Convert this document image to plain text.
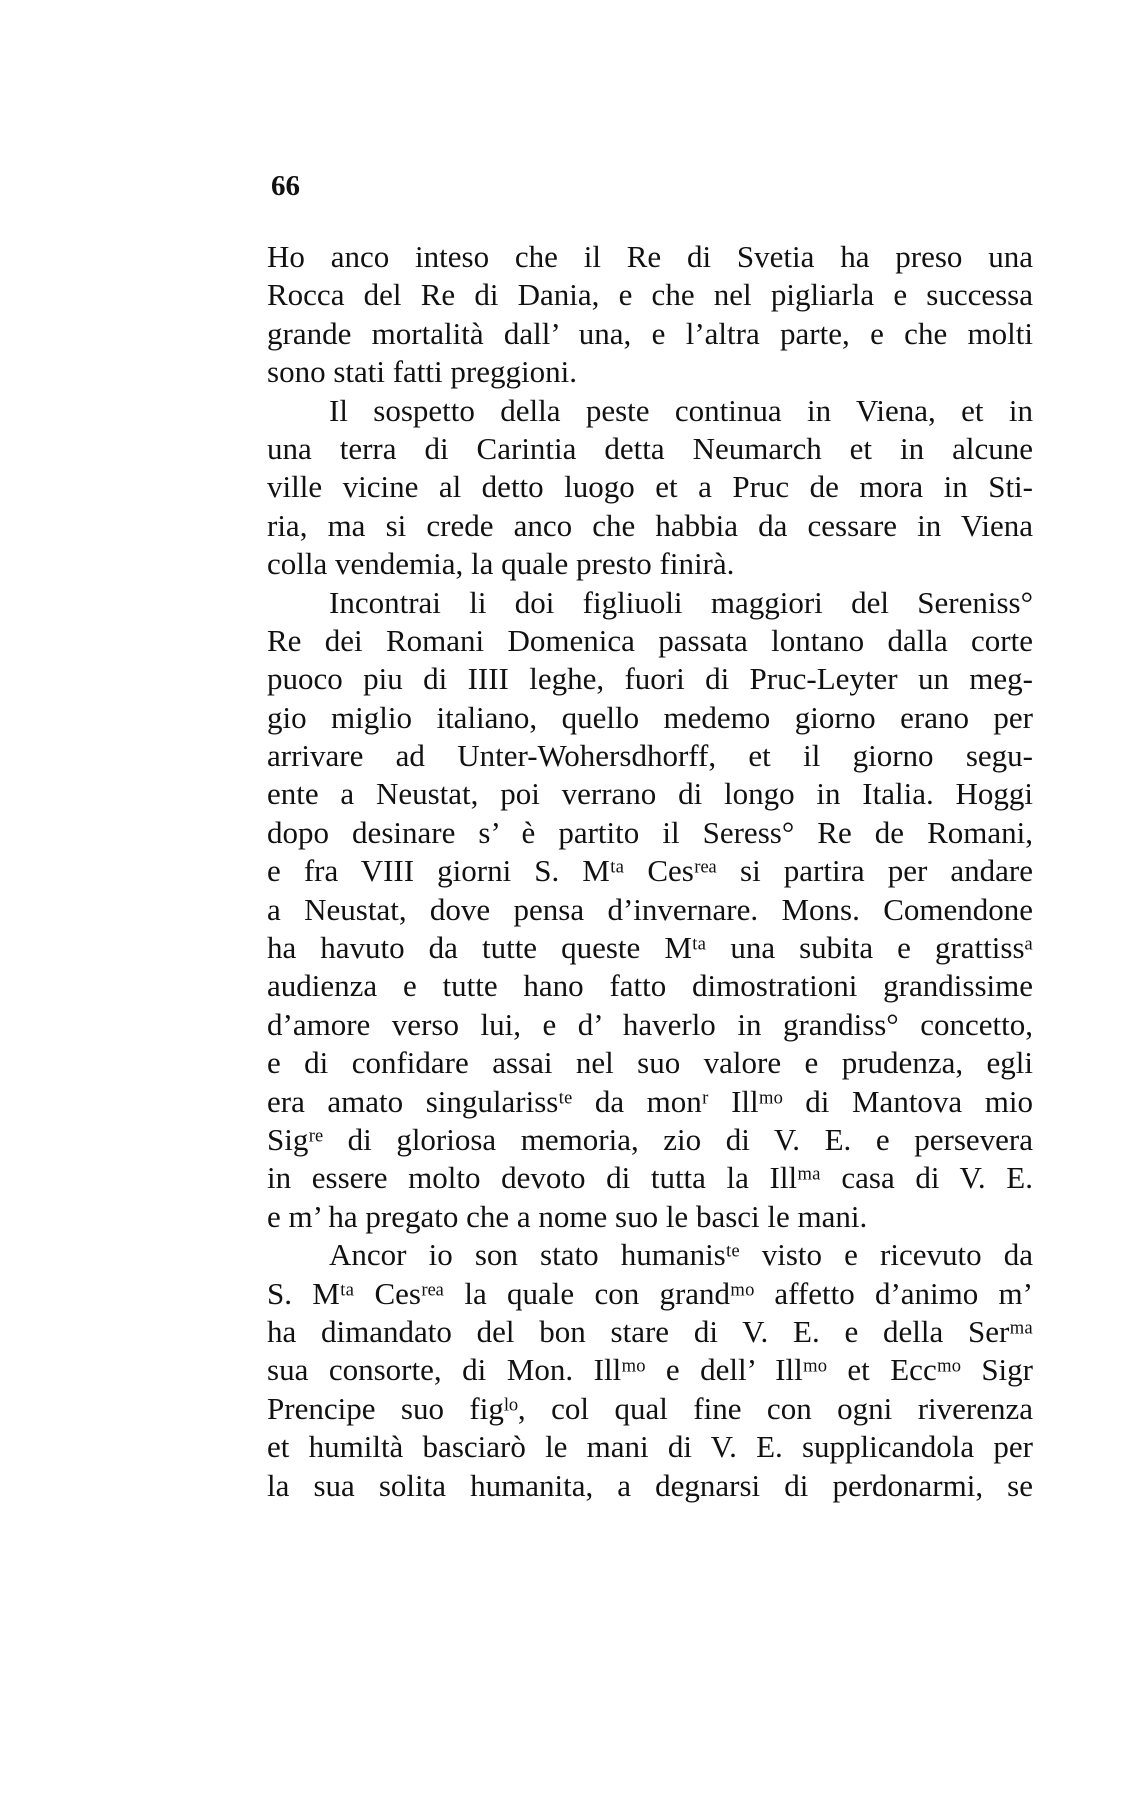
66
Ho anco inteso che il Re di Svetia ha preso una
Rocca del Re di Dania, e che nel pigliarla e successa
grande mortalità dall’ una, e l’altra parte, e che molti
sono stati fatti preggioni.
Il sospetto della peste continua in Viena, et in
una terra di Carintia detta Neumarch et in alcune
ville vicine al detto luogo et a Pruc de mora in Sti-
ria, ma si crede anco che habbia da cessare in Viena
colla vendemia, la quale presto finirà.
Incontrai li doi figliuoli maggiori del Sereniss°
Re dei Romani Domenica passata lontano dalla corte
puoco piu di IIII leghe, fuori di Pruc-Leyter un meg-
gio miglio italiano, quello medemo giorno erano per
arrivare ad Unter-Wohersdhorff, et il giorno segu-
ente a Neustat, poi verrano di longo in Italia. Hoggi
dopo desinare s’ è partito il Seress° Re de Romani,
e fra VIII giorni S. Mᵗᵃ Cesʳᵉᵃ si partira per andare
a Neustat, dove pensa d’invernare. Mons. Comendone
ha havuto da tutte queste Mᵗᵃ una subita e grattissᵃ
audienza e tutte hano fatto dimostrationi grandissime
d’amore verso lui, e d’ haverlo in grandiss° concetto,
e di confidare assai nel suo valore e prudenza, egli
era amato singularissᵗᵉ da monʳ Illᵐᵒ di Mantova mio
Sigʳᵉ di gloriosa memoria, zio di V. E. e persevera
in essere molto devoto di tutta la Illᵐᵃ casa di V. E.
e m’ ha pregato che a nome suo le basci le mani.
Ancor io son stato humanisᵗᵉ visto e ricevuto da
S. Mᵗᵃ Cesʳᵉᵃ la quale con grandᵐᵒ affetto d’animo m’
ha dimandato del bon stare di V. E. e della Serᵐᵃ
sua consorte, di Mon. Illᵐᵒ e dell’ Illᵐᵒ et Eccᵐᵒ Sigr
Prencipe suo figˡᵒ, col qual fine con ogni riverenza
et humiltà basciarò le mani di V. E. supplicandola per
la sua solita humanita, a degnarsi di perdonarmi, se
